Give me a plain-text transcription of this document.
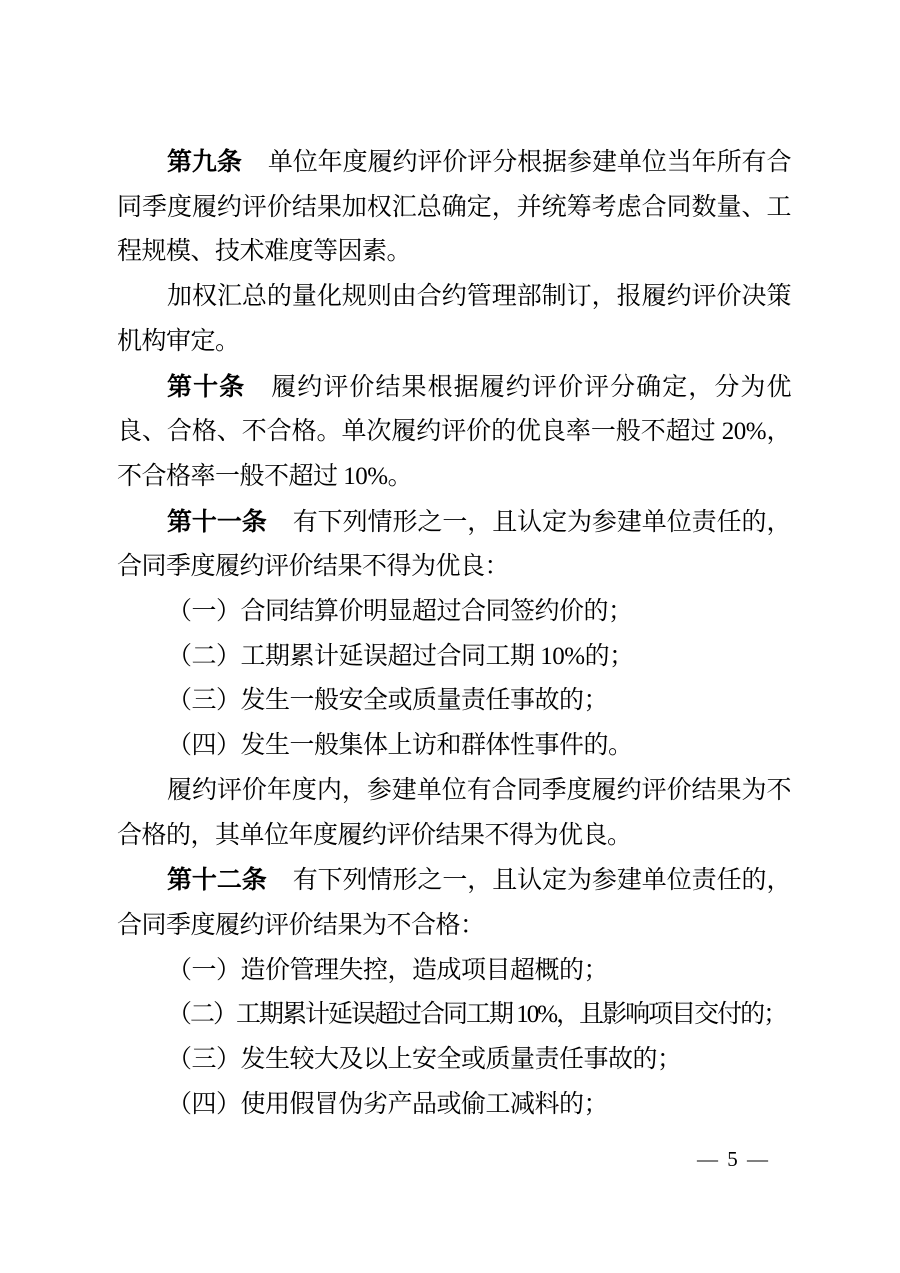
第九条 单位年度履约评价评分根据参建单位当年所有合同季度履约评价结果加权汇总确定，并统筹考虑合同数量、工程规模、技术难度等因素。

加权汇总的量化规则由合约管理部制订，报履约评价决策机构审定。

第十条 履约评价结果根据履约评价评分确定，分为优良、合格、不合格。单次履约评价的优良率一般不超过 20%，不合格率一般不超过 10%。

第十一条 有下列情形之一，且认定为参建单位责任的，合同季度履约评价结果不得为优良：

（一）合同结算价明显超过合同签约价的；

（二）工期累计延误超过合同工期 10%的；

（三）发生一般安全或质量责任事故的；

（四）发生一般集体上访和群体性事件的。

履约评价年度内，参建单位有合同季度履约评价结果为不合格的，其单位年度履约评价结果不得为优良。

第十二条 有下列情形之一，且认定为参建单位责任的，合同季度履约评价结果为不合格：

（一）造价管理失控，造成项目超概的；

（二）工期累计延误超过合同工期 10%，且影响项目交付的；

（三）发生较大及以上安全或质量责任事故的；

（四）使用假冒伪劣产品或偷工减料的；

— 5 —
